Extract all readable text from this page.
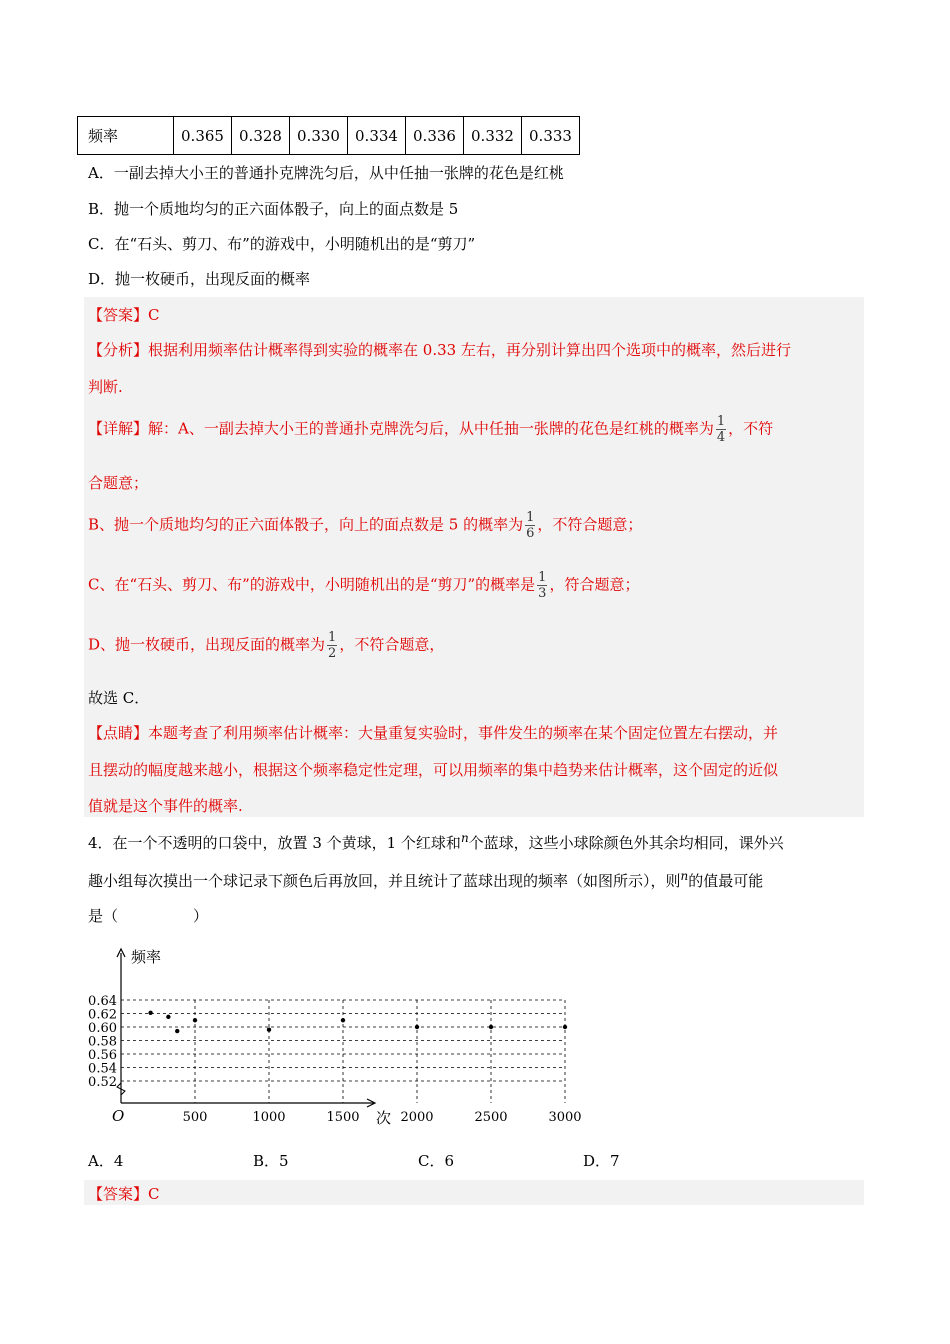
频率	0.365	0.328	0.330	0.334	0.336	0.332	0.333
A．一副去掉大小王的普通扑克牌洗匀后，从中任抽一张牌的花色是红桃
B．抛一个质地均匀的正六面体骰子，向上的面点数是 5
C．在“石头、剪刀、布”的游戏中，小明随机出的是“剪刀”
D．抛一枚硬币，出现反面的概率
【答案】C
【分析】根据利用频率估计概率得到实验的概率在 0.33 左右，再分别计算出四个选项中的概率，然后进行
判断.
【详解】解：A、一副去掉大小王的普通扑克牌洗匀后，从中任抽一张牌的花色是红桃的概率为 $\frac{1}{4}$ ，不符
合题意；
B、抛一个质地均匀的正六面体骰子，向上的面点数是 5 的概率为 $\frac{1}{6}$ ，不符合题意；
C、在“石头、剪刀、布”的游戏中，小明随机出的是“剪刀”的概率是 $\frac{1}{3}$ ，符合题意；
D、抛一枚硬币，出现反面的概率为 $\frac{1}{2}$ ，不符合题意，
故选 C．
【点睛】本题考查了利用频率估计概率：大量重复实验时，事件发生的频率在某个固定位置左右摆动，并
且摆动的幅度越来越小，根据这个频率稳定性定理，可以用频率的集中趋势来估计概率，这个固定的近似
值就是这个事件的概率.
4．在一个不透明的口袋中，放置 3 个黄球，1 个红球和$^n$个蓝球，这些小球除颜色外其余均相同，课外兴
趣小组每次摸出一个球记录下颜色后再放回，并且统计了蓝球出现的频率（如图所示），则$^n$的值最可能
是（　　　　　）
频率
次
O
0.52
0.54
0.56
0.58
0.60
0.62
0.64
500	1000	1500	2000	2500	3000
A．4	B．5	C．6	D．7
【答案】C
